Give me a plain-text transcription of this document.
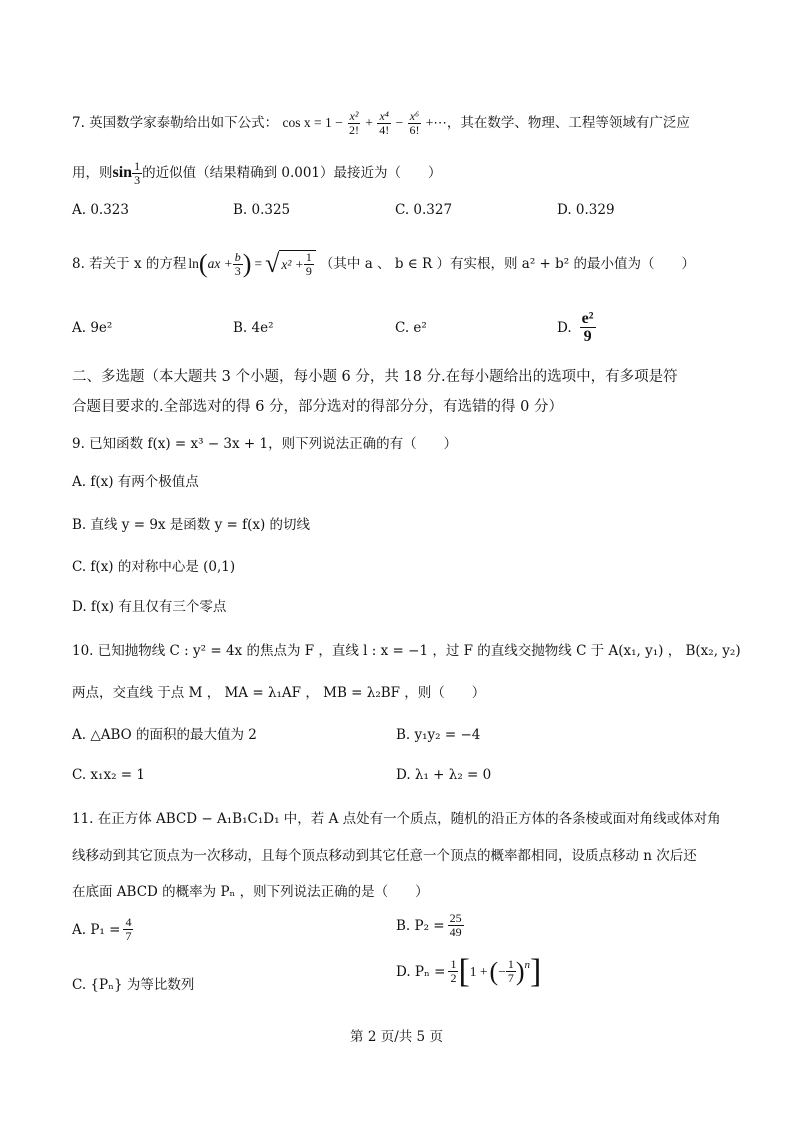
7. 英国数学家泰勒给出如下公式： $\cos x = 1 - \frac{\text{x²}}{2!} + \frac{\text{x⁴}}{4!} - \frac{\text{x⁶}}{6!}$ +⋯，其在数学、物理、工程等领域有广泛应
用，则$\sin \frac{1}{3}$ 的近似值（结果精确到 0.001）最接近为（　　）
A. 0.323	B. 0.325	C. 0.327	D. 0.329
8. 若关于 x 的方程 ln ( ax + $\frac{b}{3}$ ) = √ $x^2 + \frac{1}{9}$ （其中 a 、 b ∈ R ）有实根，则 a² + b² 的最小值为（　　）
A. 9e²	B. 4e²	C. e²	D. $\frac{\text{e²}}{9}$
二、多选题（本大题共 3 个小题，每小题 6 分，共 18 分.在每小题给出的选项中，有多项是符
合题目要求的.全部选对的得 6 分，部分选对的得部分分，有选错的得 0 分）
9. 已知函数 f(x) = x³ − 3x + 1，则下列说法正确的有（　　）
A. f(x) 有两个极值点
B. 直线 y = 9x 是函数 y = f(x) 的切线
C. f(x) 的对称中心是 (0,1)
D. f(x) 有且仅有三个零点
10. 已知抛物线 C : y² = 4x 的焦点为 F ，直线 l : x = −1 ，过 F 的直线交抛物线 C 于 A(x₁, y₁) ， B(x₂, y₂)
两点，交直线 于点 M ， MA = λ₁AF ， MB = λ₂BF ，则（　　）
A. △ABO 的面积的最大值为 2	B. y₁y₂ = −4
C. x₁x₂ = 1	D. λ₁ + λ₂ = 0
11. 在正方体 ABCD − A₁B₁C₁D₁ 中，若 A 点处有一个质点，随机的沿正方体的各条棱或面对角线或体对角
线移动到其它顶点为一次移动，且每个顶点移动到其它任意一个顶点的概率都相同，设质点移动 n 次后还
在底面 ABCD 的概率为 Pₙ ，则下列说法正确的是（　　）
A. $P_1 = \frac{4}{7}$	B. $P_2 = \frac{25}{49}$
C. {Pₙ} 为等比数列
D. $P_n = \frac{1}{2}$ [ 1 + ( − $\frac{1}{7} )^n$ ]
第 2 页/共 5 页
